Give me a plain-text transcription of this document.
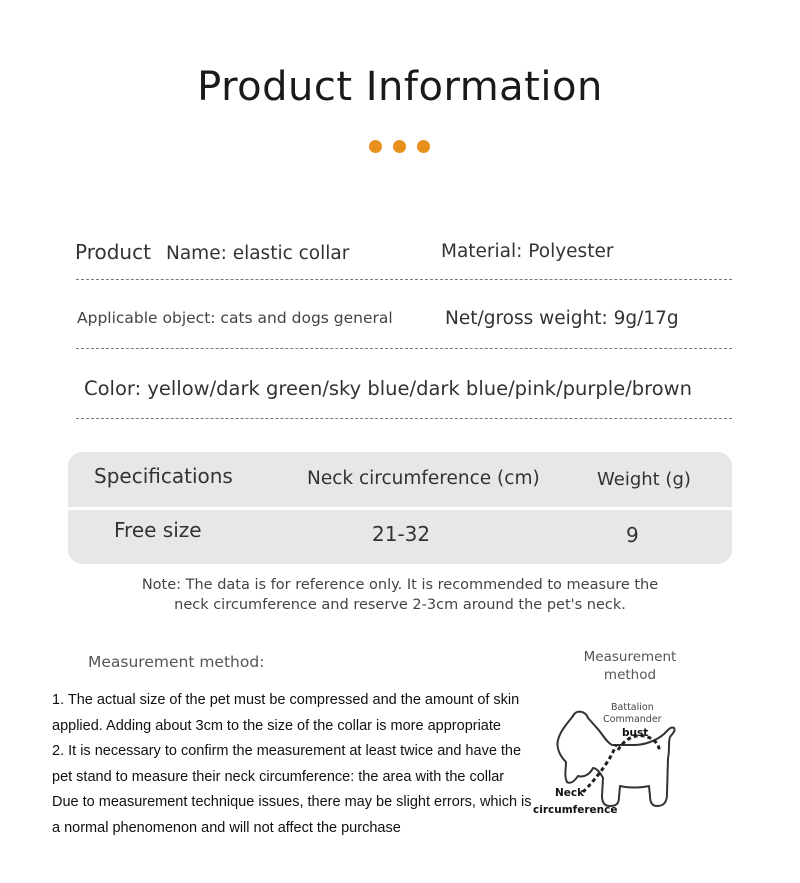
Product Information
Product Name: elastic collar	Material: Polyester
Applicable object: cats and dogs general	Net/gross weight: 9g/17g
Color: yellow/dark green/sky blue/dark blue/pink/purple/brown
Specifications	Neck circumference (cm)	Weight (g)
Free size	21-32	9
Note: The data is for reference only. It is recommended to measure the
neck circumference and reserve 2-3cm around the pet's neck.
Measurement method:
1. The actual size of the pet must be compressed and the amount of skin
applied. Adding about 3cm to the size of the collar is more appropriate
2. It is necessary to confirm the measurement at least twice and have the
pet stand to measure their neck circumference: the area with the collar
Due to measurement technique issues, there may be slight errors, which is
a normal phenomenon and will not affect the purchase
Measurement
method
Battalion
Commander
bust
Neck
circumference
